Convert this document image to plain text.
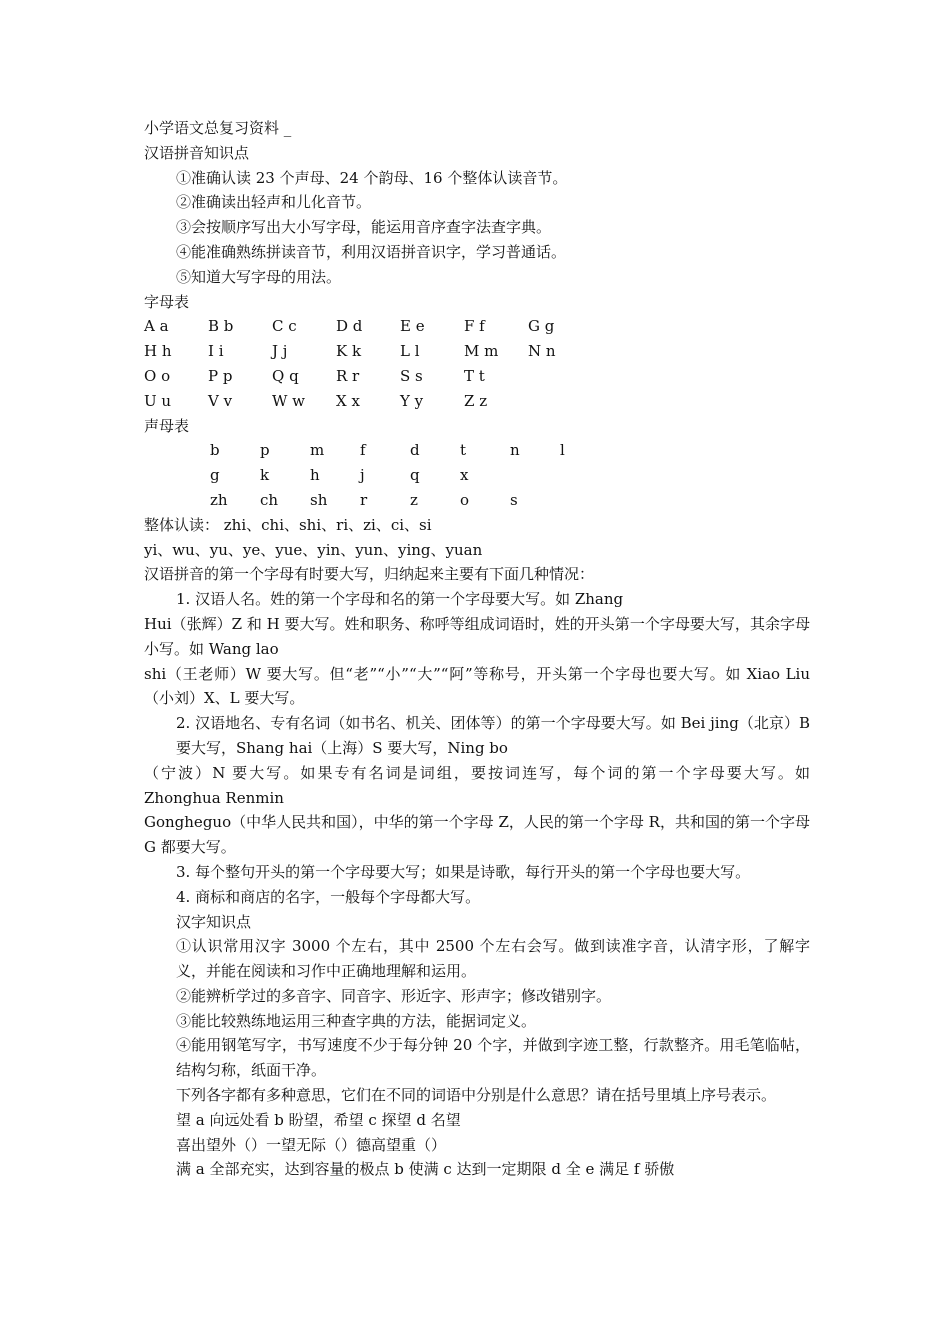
小学语文总复习资料 _
汉语拼音知识点
①准确认读 23 个声母、24 个韵母、16 个整体认读音节。
②准确读出轻声和儿化音节。
③会按顺序写出大小写字母，能运用音序查字法查字典。
④能准确熟练拼读音节，利用汉语拼音识字，学习普通话。
⑤知道大写字母的用法。
字母表
A a	B b	C c	D d	E e	F f	G g
H h	I i	J j	K k	L l	M m	N n
O o	P p	Q q	R r	S s	T t
U u	V v	W w	X x	Y y	Z z
声母表
b	p	m	f	d	t	n	l
g	k	h	j	q	x
zh	ch	sh	r	z	o	s
整体认读： zhi、chi、shi、ri、zi、ci、si
yi、wu、yu、ye、yue、yin、yun、ying、yuan
汉语拼音的第一个字母有时要大写，归纳起来主要有下面几种情况：
1. 汉语人名。姓的第一个字母和名的第一个字母要大写。如 Zhang
Hui（张辉）Z 和 H 要大写。姓和职务、称呼等组成词语时，姓的开头第一个字母要大写，其余字母小写。如 Wang lao
shi（王老师）W 要大写。但“老”“小”“大”“阿”等称号，开头第一个字母也要大写。如 Xiao Liu（小刘）X、L 要大写。
2. 汉语地名、专有名词（如书名、机关、团体等）的第一个字母要大写。如 Bei jing（北京）B 要大写，Shang hai（上海）S 要大写，Ning bo
（宁波）N 要大写。如果专有名词是词组，要按词连写，每个词的第一个字母要大写。如 Zhonghua Renmin
Gongheguo（中华人民共和国），中华的第一个字母 Z，人民的第一个字母 R，共和国的第一个字母 G 都要大写。
3. 每个整句开头的第一个字母要大写；如果是诗歌，每行开头的第一个字母也要大写。
4. 商标和商店的名字，一般每个字母都大写。
汉字知识点
①认识常用汉字 3000 个左右，其中 2500 个左右会写。做到读准字音，认清字形，了解字义，并能在阅读和习作中正确地理解和运用。
②能辨析学过的多音字、同音字、形近字、形声字；修改错别字。
③能比较熟练地运用三种查字典的方法，能据词定义。
④能用钢笔写字，书写速度不少于每分钟 20 个字，并做到字迹工整，行款整齐。用毛笔临帖，结构匀称，纸面干净。
下列各字都有多种意思，它们在不同的词语中分别是什么意思？请在括号里填上序号表示。
望 a 向远处看 b 盼望，希望 c 探望 d 名望
喜出望外（）一望无际（）德高望重（）
满 a 全部充实，达到容量的极点 b 使满 c 达到一定期限 d 全 e 满足 f 骄傲
